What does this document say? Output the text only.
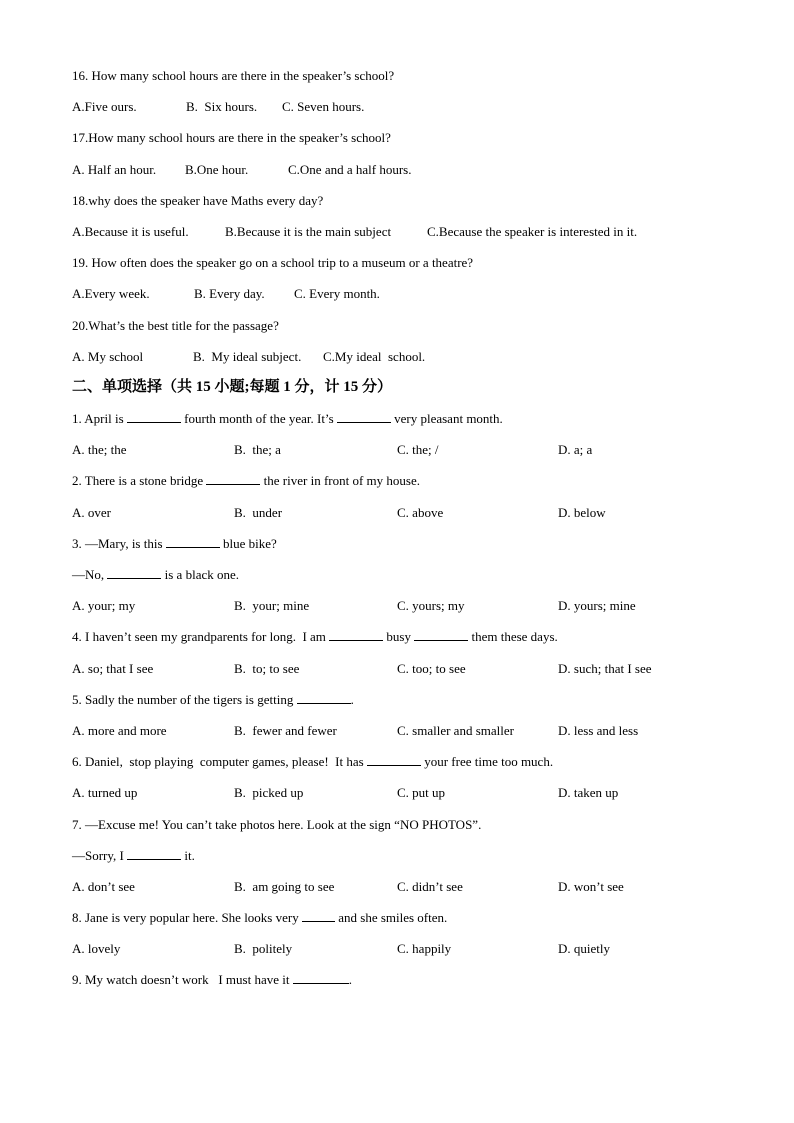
16. How many school hours are there in the speaker’s school?

A.Five ours.

	B.  Six hours.

C. Seven hours.

17.How many school hours are there in the speaker’s school?

A. Half an hour.

B.One hour.

	C.One and a half hours.

18.why does the speaker have Maths every day?

A.Because it is useful.

	B.Because it is the main subject

	C.Because the speaker is interested in it.

19. How often does the speaker go on a school trip to a museum or a theatre?

A.Every week.

	B. Every day.

C. Every month.

20.What’s the best title for the passage?

A. My school

	B.  My ideal subject.

C.My ideal  school.

二、单项选择（共 15 小题;每题 1 分，计 15 分）
1. April is	fourth month of the year. It’s	very pleasant month.

A. the; the

	B.  the; a

	C. the; /

	D. a; a

2. There is a stone bridge	the river in front of my house.

A. over

	B.  under

	C. above

	D. below

3. —Mary, is this	blue bike?
—No,	is a black one.

A. your; my

	B.  your; mine

	C. yours; my

	D. yours; mine

4. I haven’t seen my grandparents for long.  I am	busy	them these days.

A. so; that I see

	B.  to; to see

	C. too; to see

	D. such; that I see

5. Sadly the number of the tigers is getting	.

A. more and more

	B.  fewer and fewer

	C. smaller and smaller

	D. less and less

6. Daniel,  stop playing  computer games, please!  It has	your free time too much.

A. turned up

	B.  picked up

	C. put up

	D. taken up

7. —Excuse me! You can’t take photos here. Look at the sign “NO PHOTOS”.
—Sorry, I	it.

A. don’t see

	B.  am going to see

	C. didn’t see

	D. won’t see

8. Jane is very popular here. She looks very	and she smiles often.

A. lovely

	B.  politely

	C. happily

	D. quietly

9. My watch doesn’t work   I must have it	.
